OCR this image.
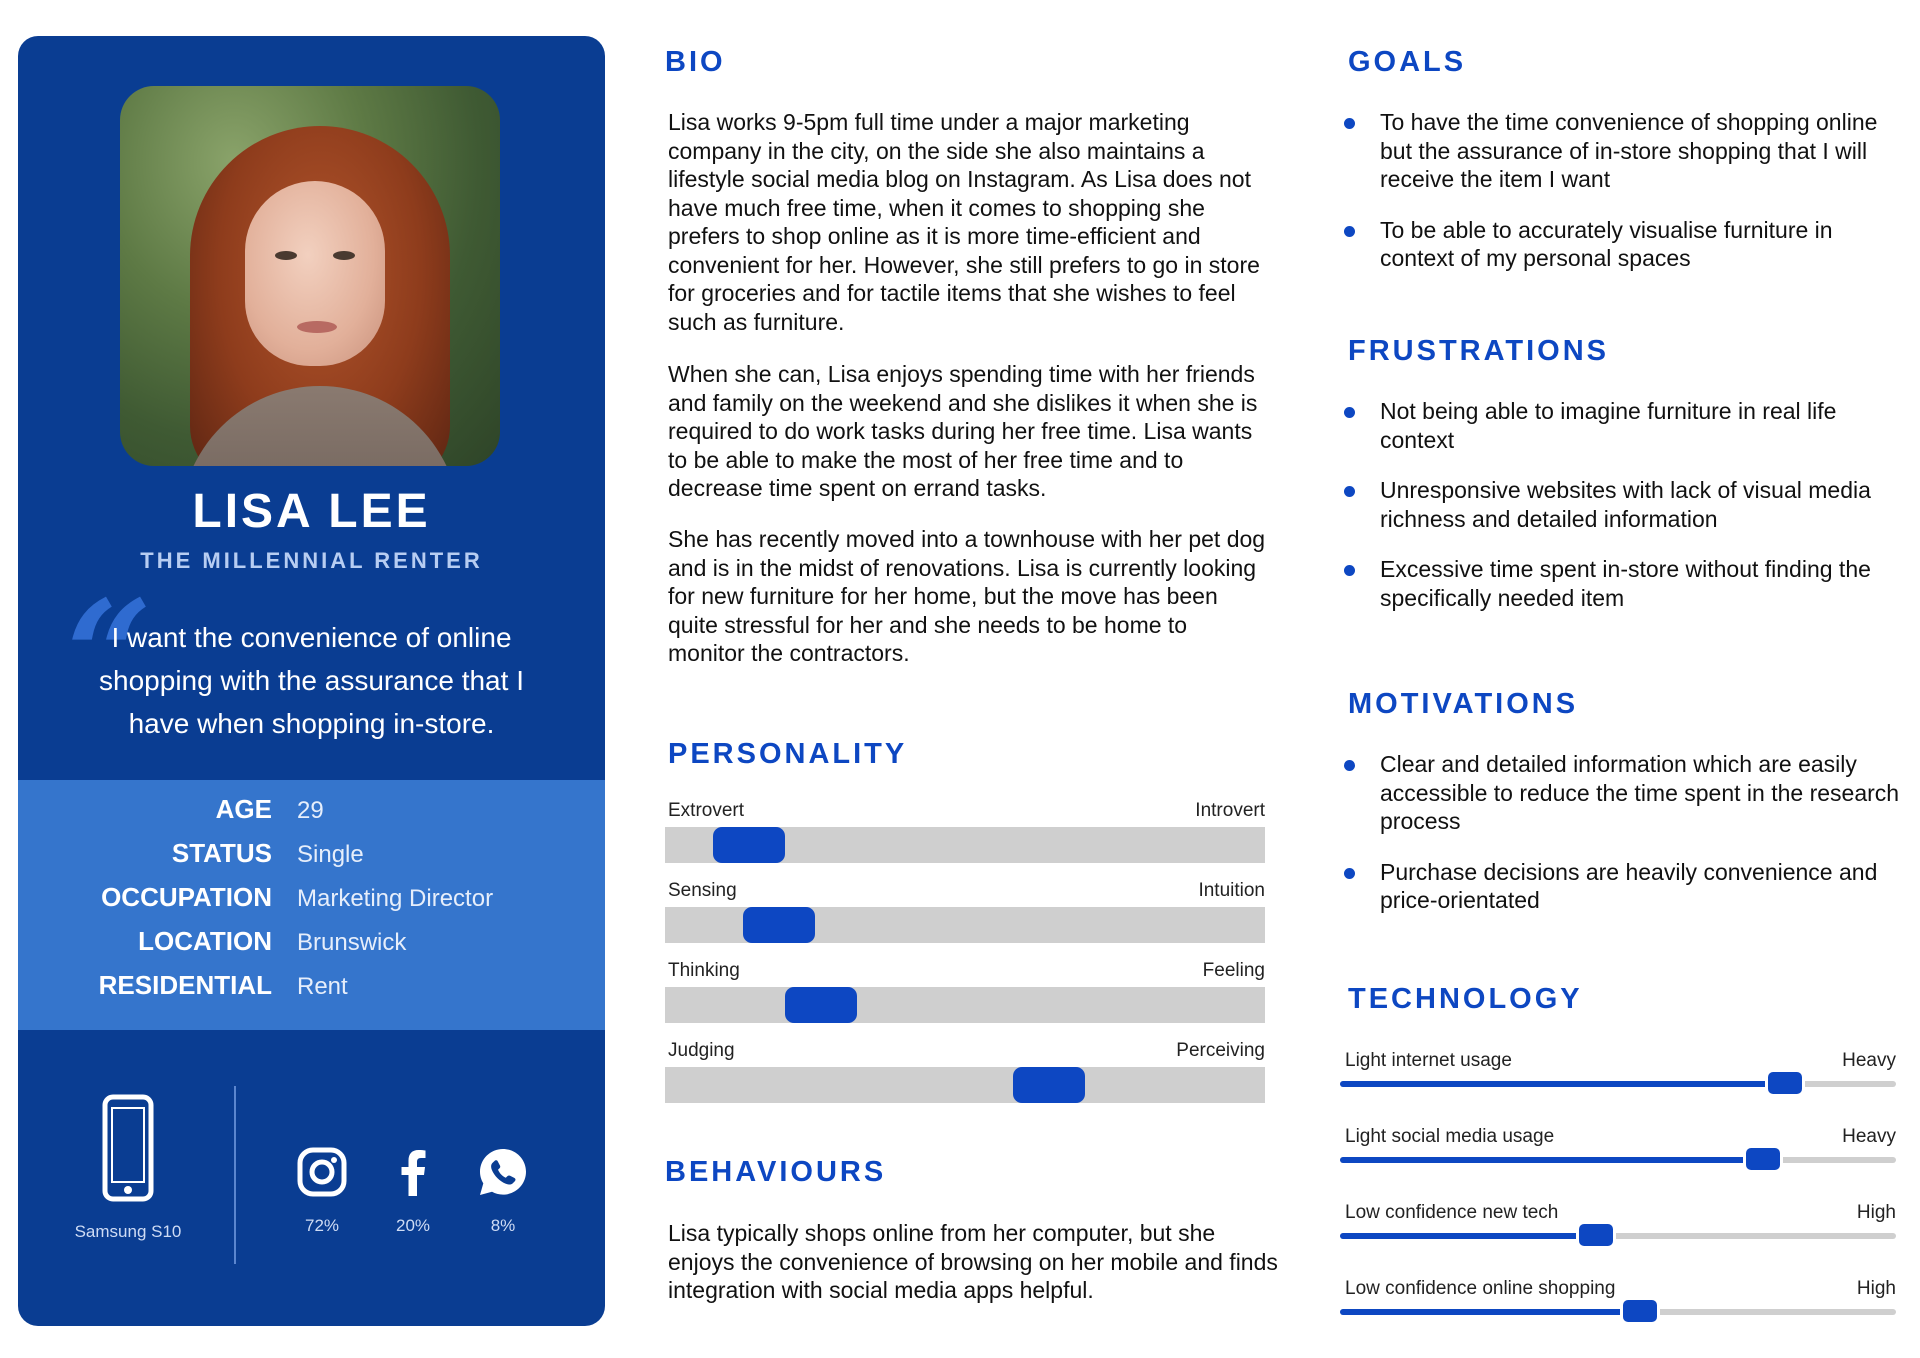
LISA LEE
THE MILLENNIAL RENTER
“
I want the convenience of online shopping with the assurance that I have when shopping in-store.
AGE 29
STATUS Single
OCCUPATION Marketing Director
LOCATION Brunswick
RESIDENTIAL Rent
Samsung S10	72%	20%	8%
BIO
Lisa works 9-5pm full time under a major marketing company in the city, on the side she also maintains a lifestyle social media blog on Instagram. As Lisa does not have much free time, when it comes to shopping she prefers to shop online as it is more time-efficient and convenient for her. However, she still prefers to go in store for groceries and for tactile items that she wishes to feel such as furniture.
When she can, Lisa enjoys spending time with her friends and family on the weekend and she dislikes it when she is required to do work tasks during her free time. Lisa wants to be able to make the most of her free time and to decrease time spent on errand tasks.
She has recently moved into a townhouse with her pet dog and is in the midst of renovations. Lisa is currently looking for new furniture for her home, but the move has been quite stressful for her and she needs to be home to monitor the contractors.
PERSONALITY
Extrovert	Introvert
Sensing	Intuition
Thinking	Feeling
Judging	Perceiving
BEHAVIOURS
Lisa typically shops online from her computer, but she enjoys the convenience of browsing on her mobile and finds integration with social media apps helpful.
GOALS
To have the time convenience of shopping online but the assurance of in-store shopping that I will receive the item I want
To be able to accurately visualise furniture in context of my personal spaces
FRUSTRATIONS
Not being able to imagine furniture in real life context
Unresponsive websites with lack of visual media richness and detailed information
Excessive time spent in-store without finding the specifically needed item
MOTIVATIONS
Clear and detailed information which are easily accessible to reduce the time spent in the research process
Purchase decisions are heavily convenience and price-orientated
TECHNOLOGY
Light internet usage	Heavy
Light social media usage	Heavy
Low confidence new tech	High
Low confidence online shopping	High
